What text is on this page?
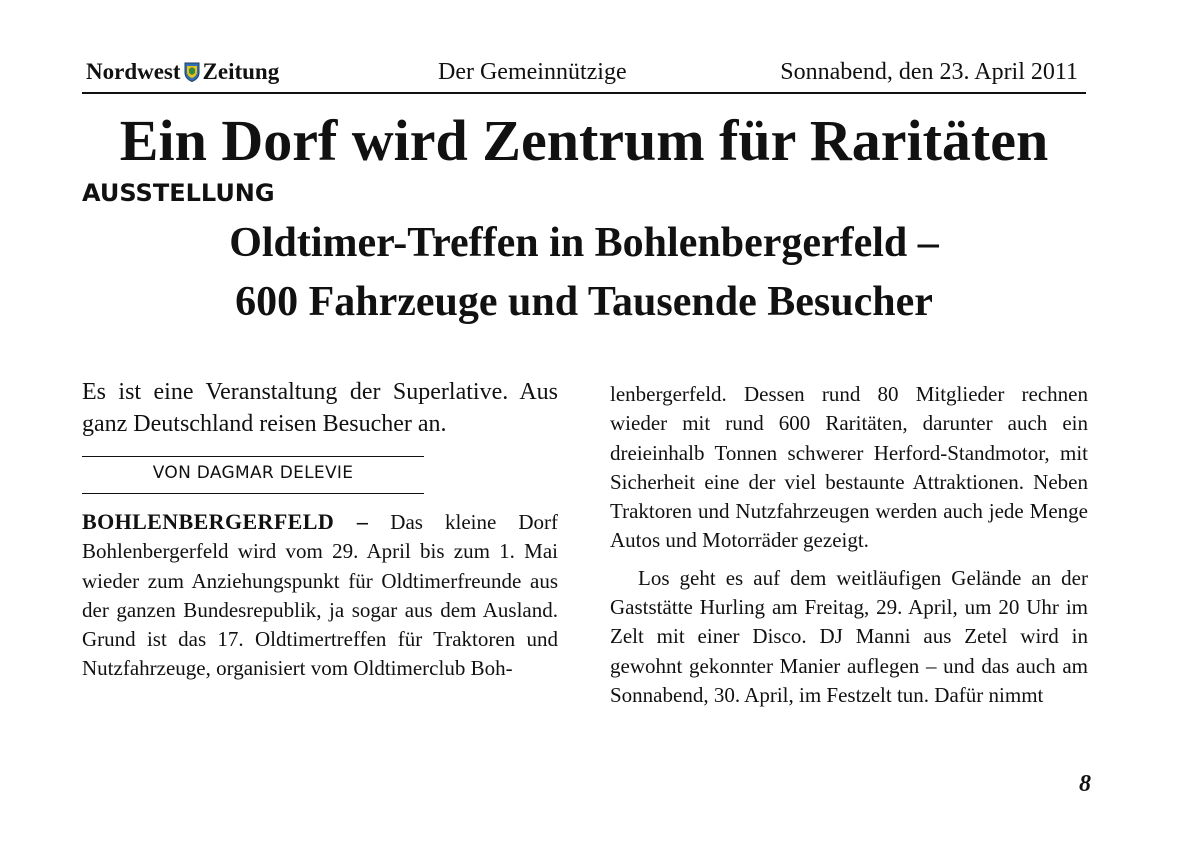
Nordwest Zeitung	Der Gemeinnützige	Sonnabend, den 23. April 2011
Ein Dorf wird Zentrum für Raritäten
AUSSTELLUNG
Oldtimer-Treffen in Bohlenbergerfeld –
600 Fahrzeuge und Tausende Besucher

Es ist eine Veranstaltung der Superlative. Aus ganz Deutschland reisen Besucher an.

VON DAGMAR DELEVIE

BOHLENBERGERFELD – Das kleine Dorf Bohlenbergerfeld wird vom 29. April bis zum 1. Mai wieder zum Anziehungspunkt für Oldtimerfreunde aus der ganzen Bundesrepublik, ja sogar aus dem Ausland. Grund ist das 17. Oldtimertreffen für Traktoren und Nutzfahrzeuge, organisiert vom Oldtimerclub Boh-

lenbergerfeld. Dessen rund 80 Mitglieder rechnen wieder mit rund 600 Raritäten, darunter auch ein dreieinhalb Tonnen schwerer Herford-Standmotor, mit Sicherheit eine der viel bestaunte Attraktionen. Neben Traktoren und Nutzfahrzeugen werden auch jede Menge Autos und Motorräder gezeigt.

Los geht es auf dem weitläufigen Gelände an der Gaststätte Hurling am Freitag, 29. April, um 20 Uhr im Zelt mit einer Disco. DJ Manni aus Zetel wird in gewohnt gekonnter Manier auflegen – und das auch am Sonnabend, 30. April, im Festzelt tun. Dafür nimmt

8
